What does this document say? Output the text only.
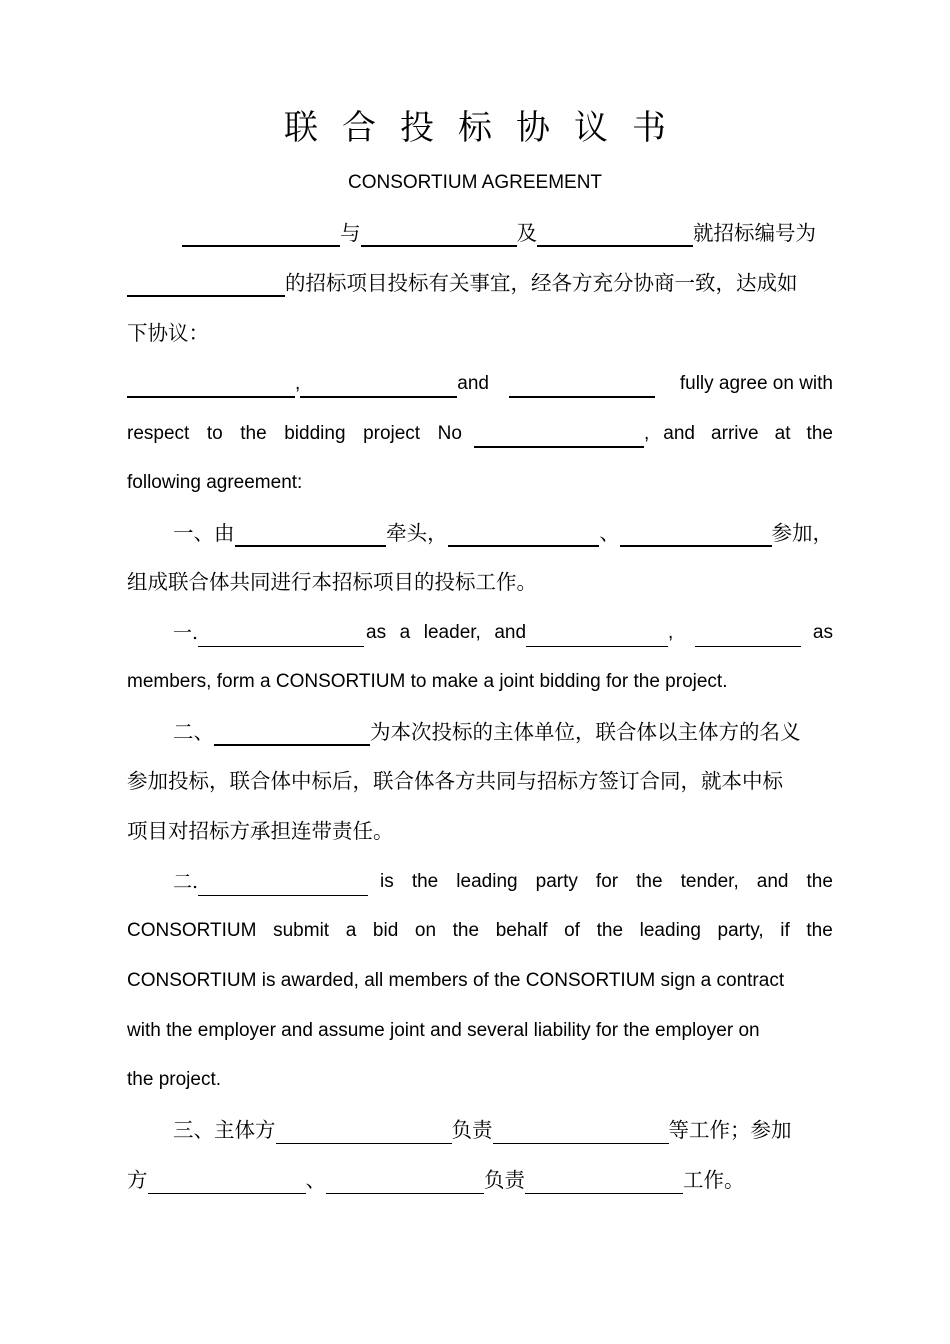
联合投标协议书
CONSORTIUM AGREEMENT
与	及	就招标编号为
的招标项目投标有关事宜，经各方充分协商一致，达成如
下协议：
,	and	fully agree on with
respect to the bidding project No	, and arrive at the
following agreement:
一、由	牵头，	、	参加，
组成联合体共同进行本招标项目的投标工作。
一.	as a leader, and	,	as
members, form a CONSORTIUM to make a joint bidding for the project.
二、	为本次投标的主体单位，联合体以主体方的名义
参加投标，联合体中标后，联合体各方共同与招标方签订合同，就本中标
项目对招标方承担连带责任。
二.	is the leading party for the tender, and the
CONSORTIUM submit a bid on the behalf of the leading party, if the
CONSORTIUM is awarded, all members of the CONSORTIUM sign a contract
with the employer and assume joint and several liability for the employer on
the project.
三、主体方	负责	等工作；参加
方	、	负责	工作。
